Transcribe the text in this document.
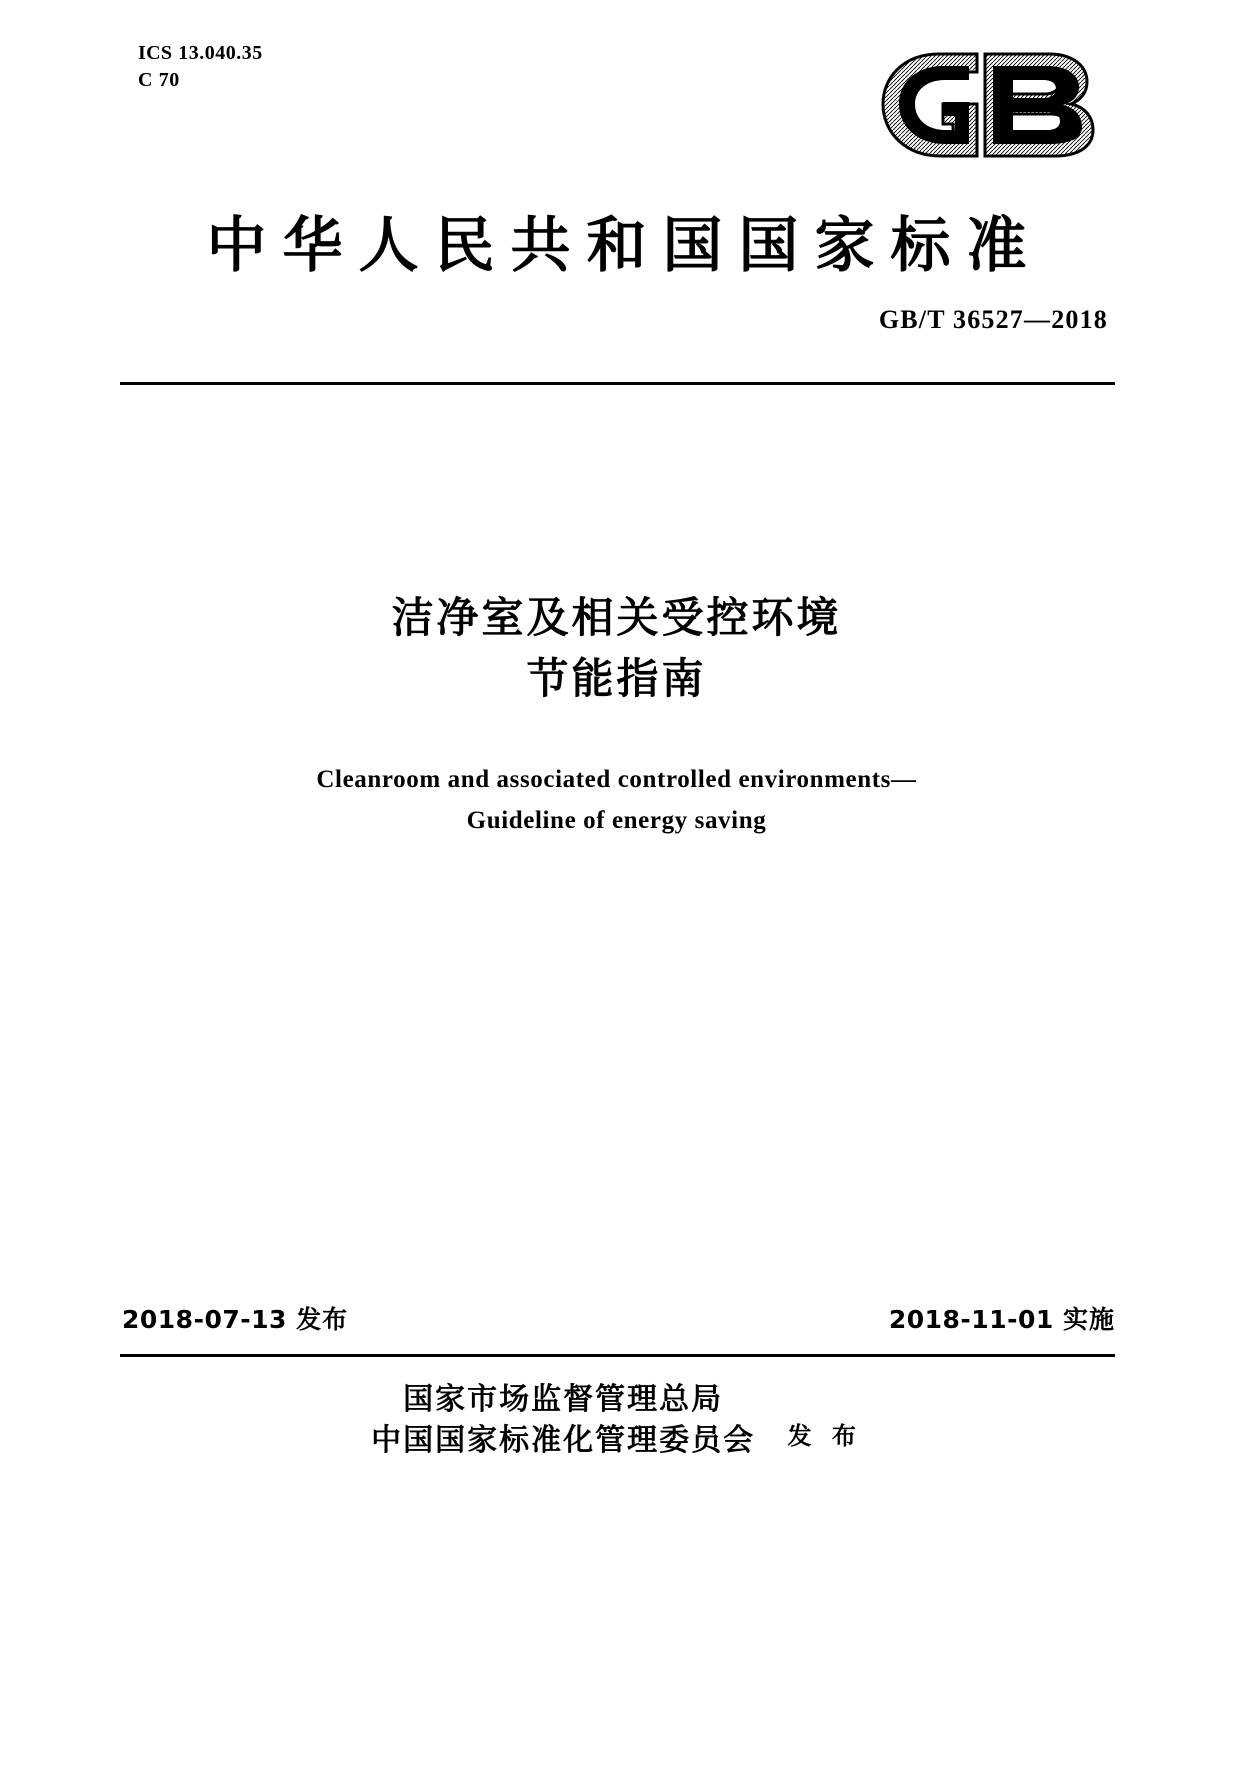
ICS 13.040.35
C 70
中华人民共和国国家标准
GB/T 36527—2018
洁净室及相关受控环境
节能指南
Cleanroom and associated controlled environments—
Guideline of energy saving
2018-07-13 发布	2018-11-01 实施
国家市场监督管理总局
中国国家标准化管理委员会 发 布
